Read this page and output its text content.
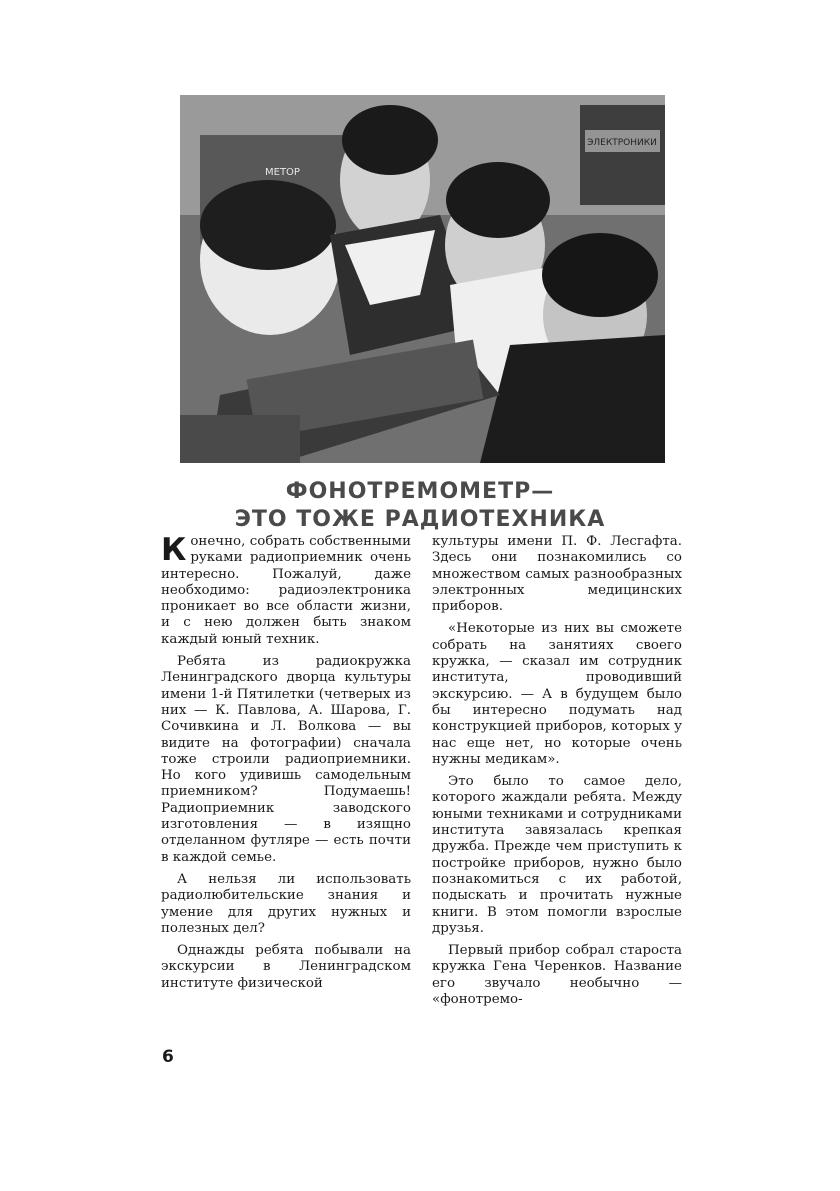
ЭЛЕКТРОНИКИ
МЕТОР
ФОНОТРЕМОМЕТР—
ЭТО ТОЖЕ РАДИОТЕХНИКА

Конечно, собрать собственными руками радиоприемник очень интересно. Пожалуй, даже необходимо: радиоэлектроника проникает во все области жизни, и с нею должен быть знаком каждый юный техник.

Ребята из радиокружка Ленинградского дворца культуры имени 1-й Пятилетки (четверых из них — К. Павлова, А. Шарова, Г. Сочивкина и Л. Волкова — вы видите на фотографии) сначала тоже строили радиоприемники. Но кого удивишь самодельным приемником? Подумаешь! Радиоприемник заводского изготовления — в изящно отделанном футляре — есть почти в каждой семье.

А нельзя ли использовать радиолюбительские знания и умение для других нужных и полезных дел?

Однажды ребята побывали на экскурсии в Ленинградском институте физической

культуры имени П. Ф. Лесгафта. Здесь они познакомились со множеством самых разнообразных электронных медицинских приборов.

«Некоторые из них вы сможете собрать на занятиях своего кружка, — сказал им сотрудник института, проводивший экскурсию. — А в будущем было бы интересно подумать над конструкцией приборов, которых у нас еще нет, но которые очень нужны медикам».

Это было то самое дело, которого жаждали ребята. Между юными техниками и сотрудниками института завязалась крепкая дружба. Прежде чем приступить к постройке приборов, нужно было познакомиться с их работой, подыскать и прочитать нужные книги. В этом помогли взрослые друзья.

Первый прибор собрал староста кружка Гена Черенков. Название его звучало необычно — «фонотремо-

6
